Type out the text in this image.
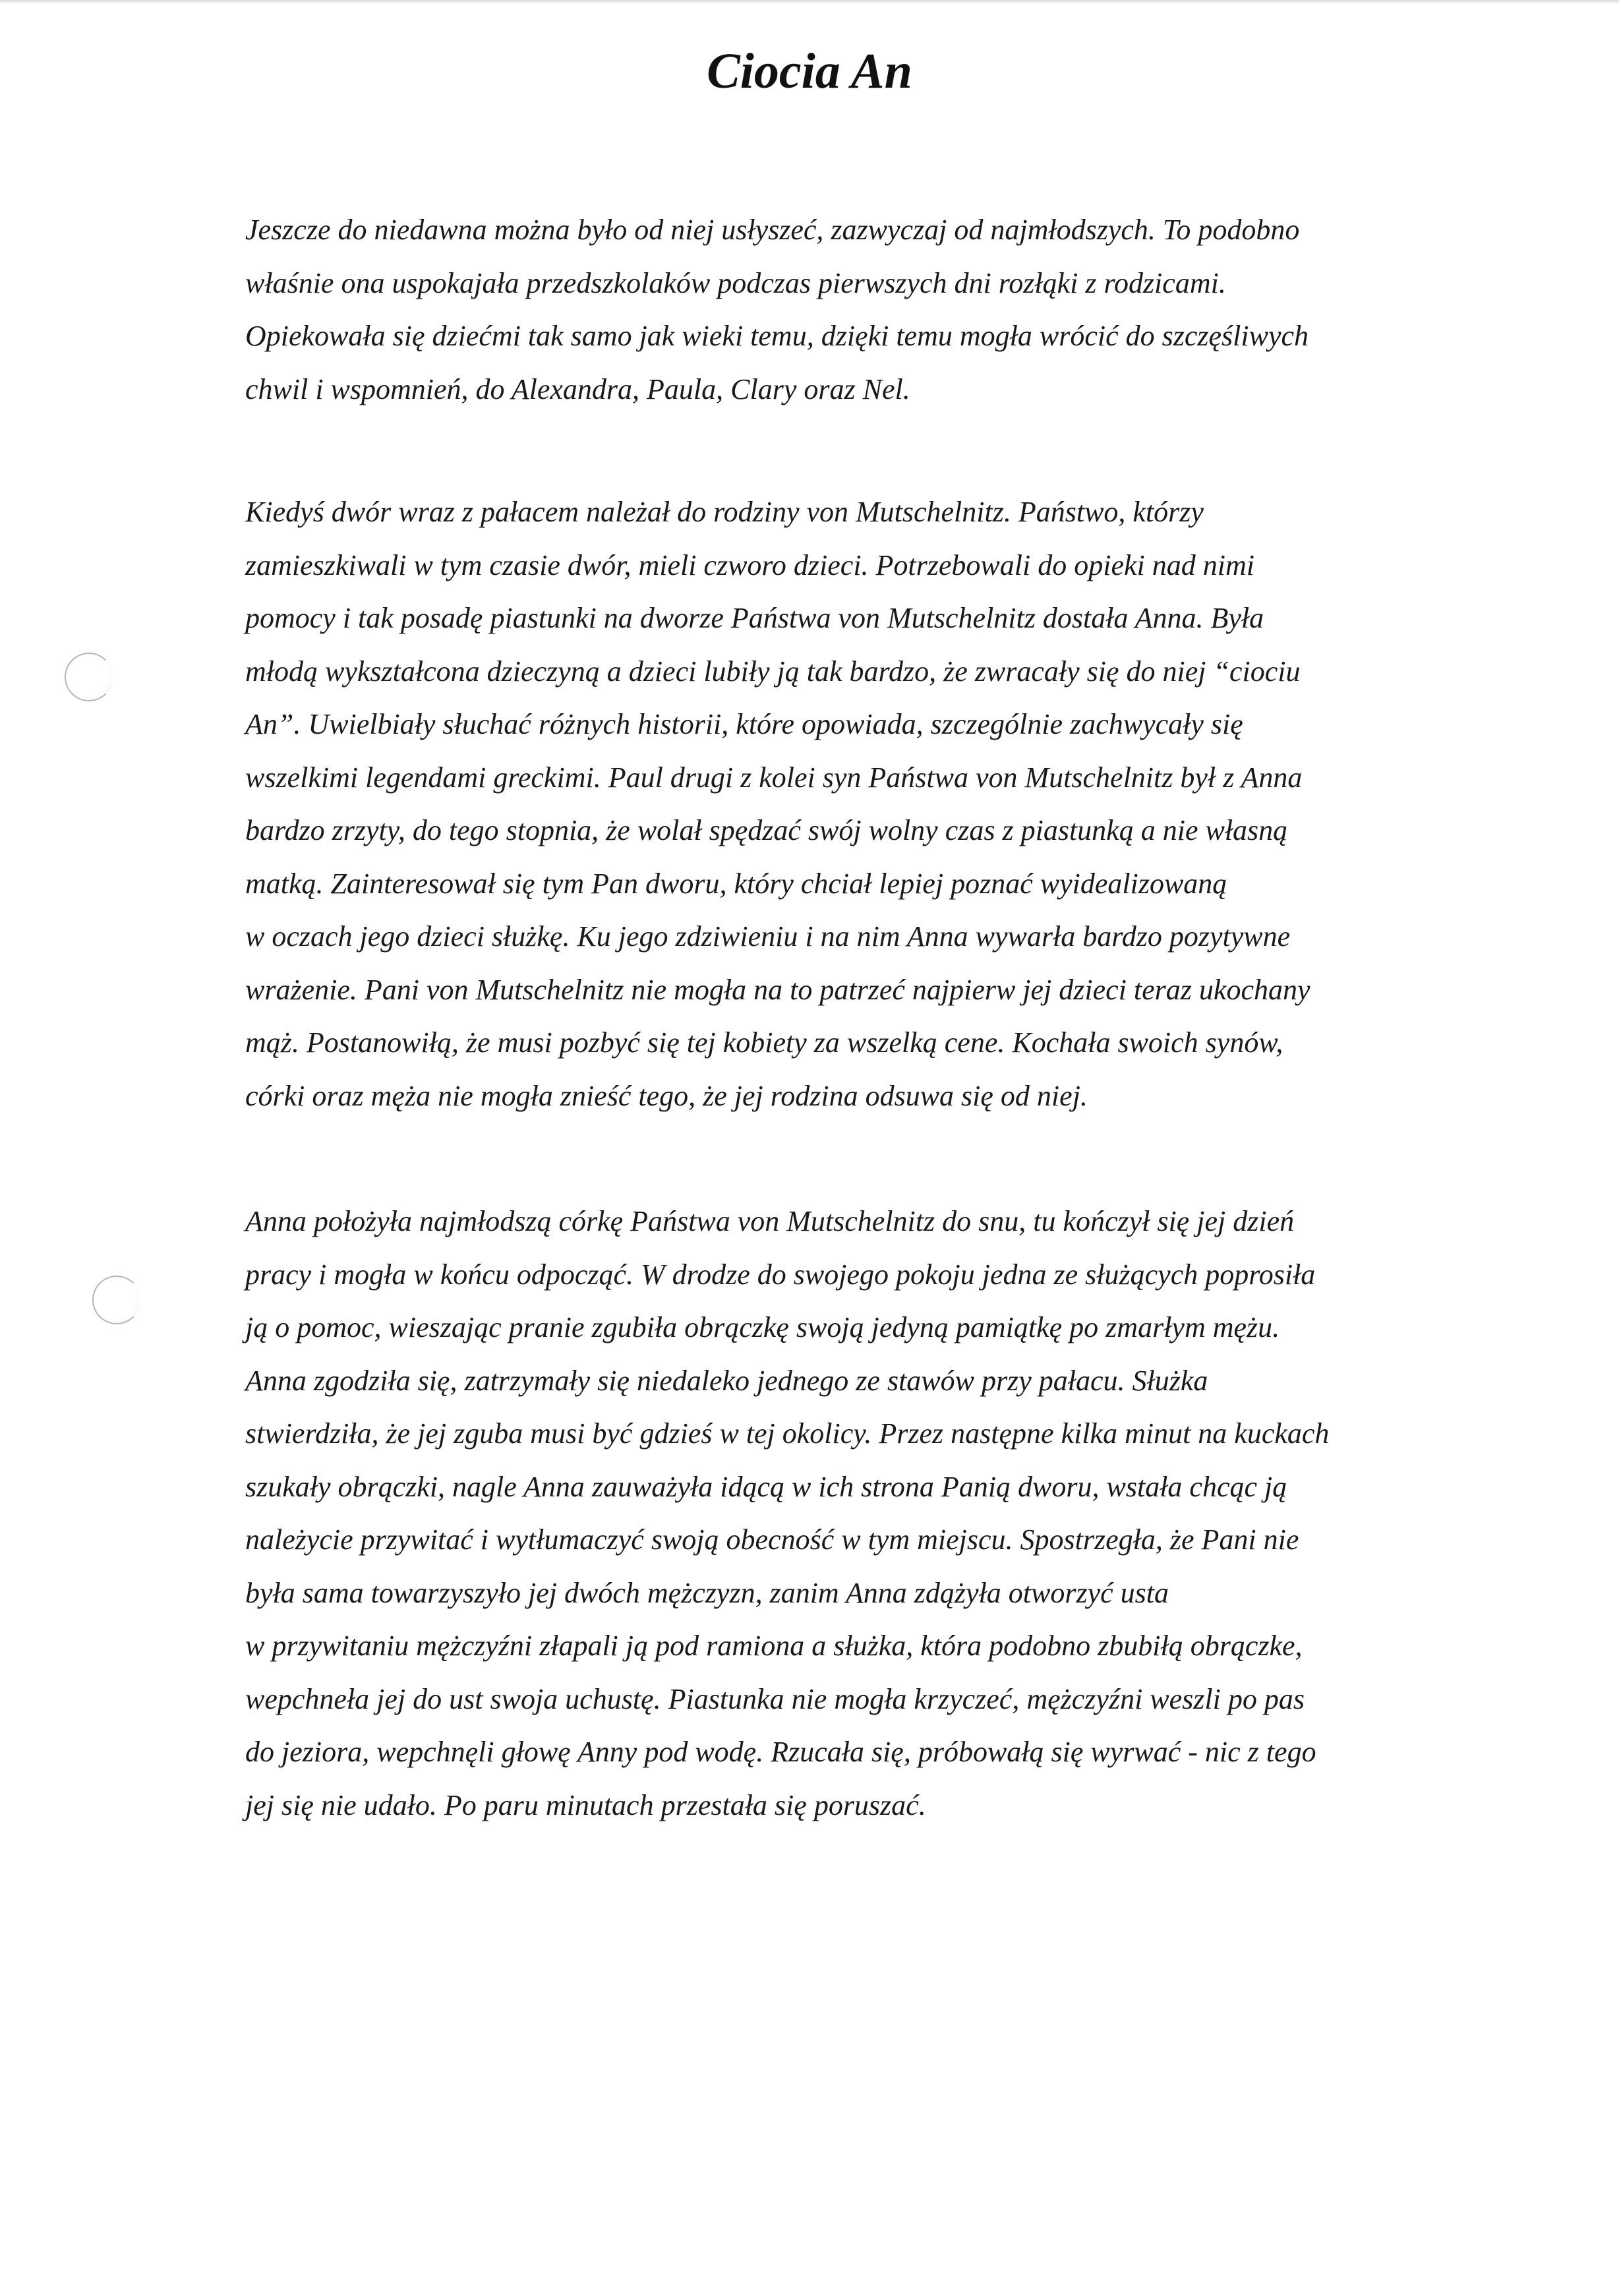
Ciocia An
Jeszcze do niedawna można było od niej usłyszeć, zazwyczaj od najmłodszych. To podobno
właśnie ona uspokajała przedszkolaków podczas pierwszych dni rozłąki z rodzicami.
Opiekowała się dziećmi tak samo jak wieki temu, dzięki temu mogła wrócić do szczęśliwych
chwil i wspomnień, do Alexandra, Paula, Clary oraz Nel.
Kiedyś dwór wraz z pałacem należał do rodziny von Mutschelnitz. Państwo, którzy
zamieszkiwali w tym czasie dwór, mieli czworo dzieci. Potrzebowali do opieki nad nimi
pomocy i tak posadę piastunki na dworze Państwa von Mutschelnitz dostała Anna. Była
młodą wykształcona dzieczyną a dzieci lubiły ją tak bardzo, że zwracały się do niej “ciociu
An”. Uwielbiały słuchać różnych historii, które opowiada, szczególnie zachwycały się
wszelkimi legendami greckimi. Paul drugi z kolei syn Państwa von Mutschelnitz był z Anna
bardzo zrzyty, do tego stopnia, że wolał spędzać swój wolny czas z piastunką a nie własną
matką. Zainteresował się tym Pan dworu, który chciał lepiej poznać wyidealizowaną
w oczach jego dzieci służkę. Ku jego zdziwieniu i na nim Anna wywarła bardzo pozytywne
wrażenie. Pani von Mutschelnitz nie mogła na to patrzeć najpierw jej dzieci teraz ukochany
mąż. Postanowiłą, że musi pozbyć się tej kobiety za wszelką cene. Kochała swoich synów,
córki oraz męża nie mogła znieść tego, że jej rodzina odsuwa się od niej.
Anna położyła najmłodszą córkę Państwa von Mutschelnitz do snu, tu kończył się jej dzień
pracy i mogła w końcu odpocząć. W drodze do swojego pokoju jedna ze służących poprosiła
ją o pomoc, wieszając pranie zgubiła obrączkę swoją jedyną pamiątkę po zmarłym mężu.
Anna zgodziła się, zatrzymały się niedaleko jednego ze stawów przy pałacu. Służka
stwierdziła, że jej zguba musi być gdzieś w tej okolicy. Przez następne kilka minut na kuckach
szukały obrączki, nagle Anna zauważyła idącą w ich strona Panią dworu, wstała chcąc ją
należycie przywitać i wytłumaczyć swoją obecność w tym miejscu. Spostrzegła, że Pani nie
była sama towarzyszyło jej dwóch mężczyzn, zanim Anna zdążyła otworzyć usta
w przywitaniu mężczyźni złapali ją pod ramiona a służka, która podobno zbubiłą obrączke,
wepchneła jej do ust swoja uchustę. Piastunka nie mogła krzyczeć, mężczyźni weszli po pas
do jeziora, wepchnęli głowę Anny pod wodę. Rzucała się, próbowałą się wyrwać - nic z tego
jej się nie udało. Po paru minutach przestała się poruszać.
